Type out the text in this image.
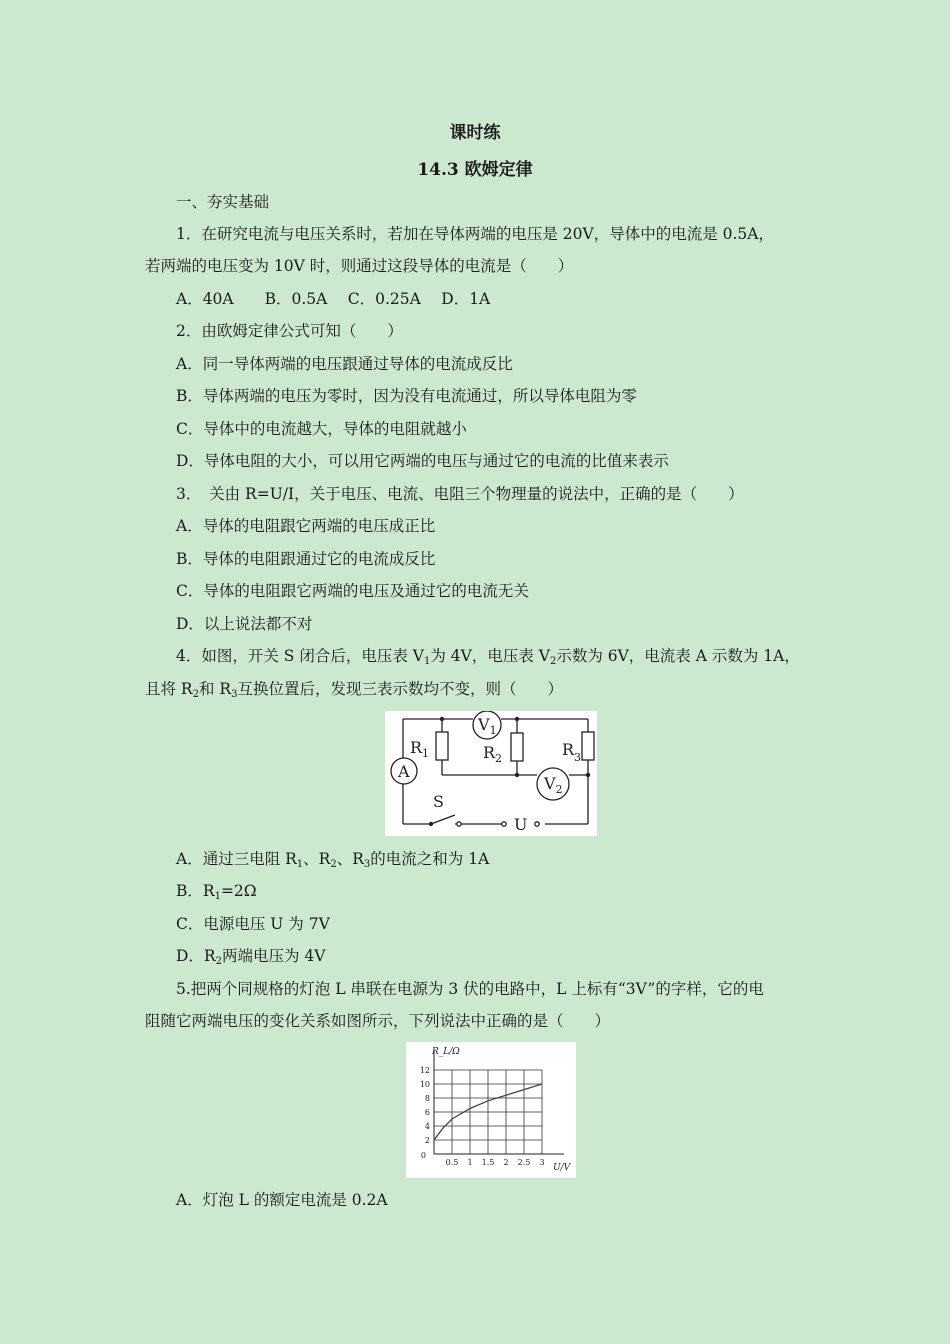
课时练
14.3 欧姆定律
一、夯实基础
1．在研究电流与电压关系时，若加在导体两端的电压是 20V，导体中的电流是 0.5A，
若两端的电压变为 10V 时，则通过这段导体的电流是（　　）
A．40A　　B．0.5A　 C．0.25A　 D．1A
2．由欧姆定律公式可知（　　）
A．同一导体两端的电压跟通过导体的电流成反比
B．导体两端的电压为零时，因为没有电流通过，所以导体电阻为零
C．导体中的电流越大，导体的电阻就越小
D．导体电阻的大小，可以用它两端的电压与通过它的电流的比值来表示
3．　关由 R=U/I，关于电压、电流、电阻三个物理量的说法中，正确的是（　　）
A．导体的电阻跟它两端的电压成正比
B．导体的电阻跟通过它的电流成反比
C．导体的电阻跟它两端的电压及通过它的电流无关
D．以上说法都不对
4．如图，开关 S 闭合后，电压表 $V_1$为 4V，电压表 $V_2$示数为 6V，电流表 A 示数为 1A，
且将 $R_2$和 $R_3$互换位置后，发现三表示数均不变，则（　　）
$R_1$	$R_2$	$R_3$
$V_1$
$V_2$
A
S
U
A．通过三电阻 $R_1$、$R_2$、$R_3$的电流之和为 1A
B．$R_1=2\Omega$
C．电源电压 U 为 7V
D．$R_2$两端电压为 4V
5.把两个同规格的灯泡 L 串联在电源为 3 伏的电路中，L 上标有“3V”的字样，它的电
阻随它两端电压的变化关系如图所示，下列说法中正确的是（　　）
2
4
6
8
10
12
0
0.5 1 1.5 2 2.5 3
R_L/Ω
U/V
A．灯泡 L 的额定电流是 0.2A
